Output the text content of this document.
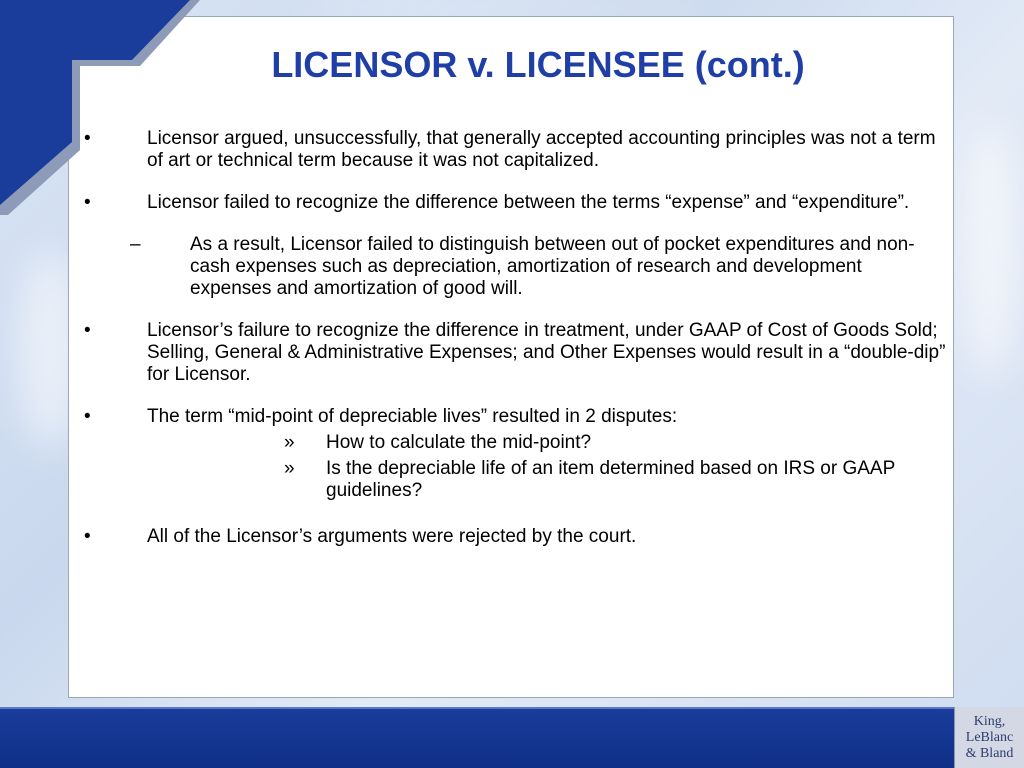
LICENSOR v. LICENSEE (cont.)
•	Licensor argued, unsuccessfully, that generally accepted accounting principles was not a term of art or technical term because it was not capitalized.
•	Licensor failed to recognize the difference between the terms “expense” and “expenditure”.
–	As a result, Licensor failed to distinguish between out of pocket expenditures and non-cash expenses such as depreciation, amortization of research and development expenses and amortization of good will.
•	Licensor’s failure to recognize the difference in treatment, under GAAP of Cost of Goods Sold; Selling, General & Administrative Expenses; and Other Expenses would result in a “double-dip” for Licensor.
•	The term “mid-point of depreciable lives” resulted in 2 disputes:
» How to calculate the mid-point?
» Is the depreciable life of an item determined based on IRS or GAAP guidelines?
•	All of the Licensor’s arguments were rejected by the court.
King,
LeBlanc
& Bland
